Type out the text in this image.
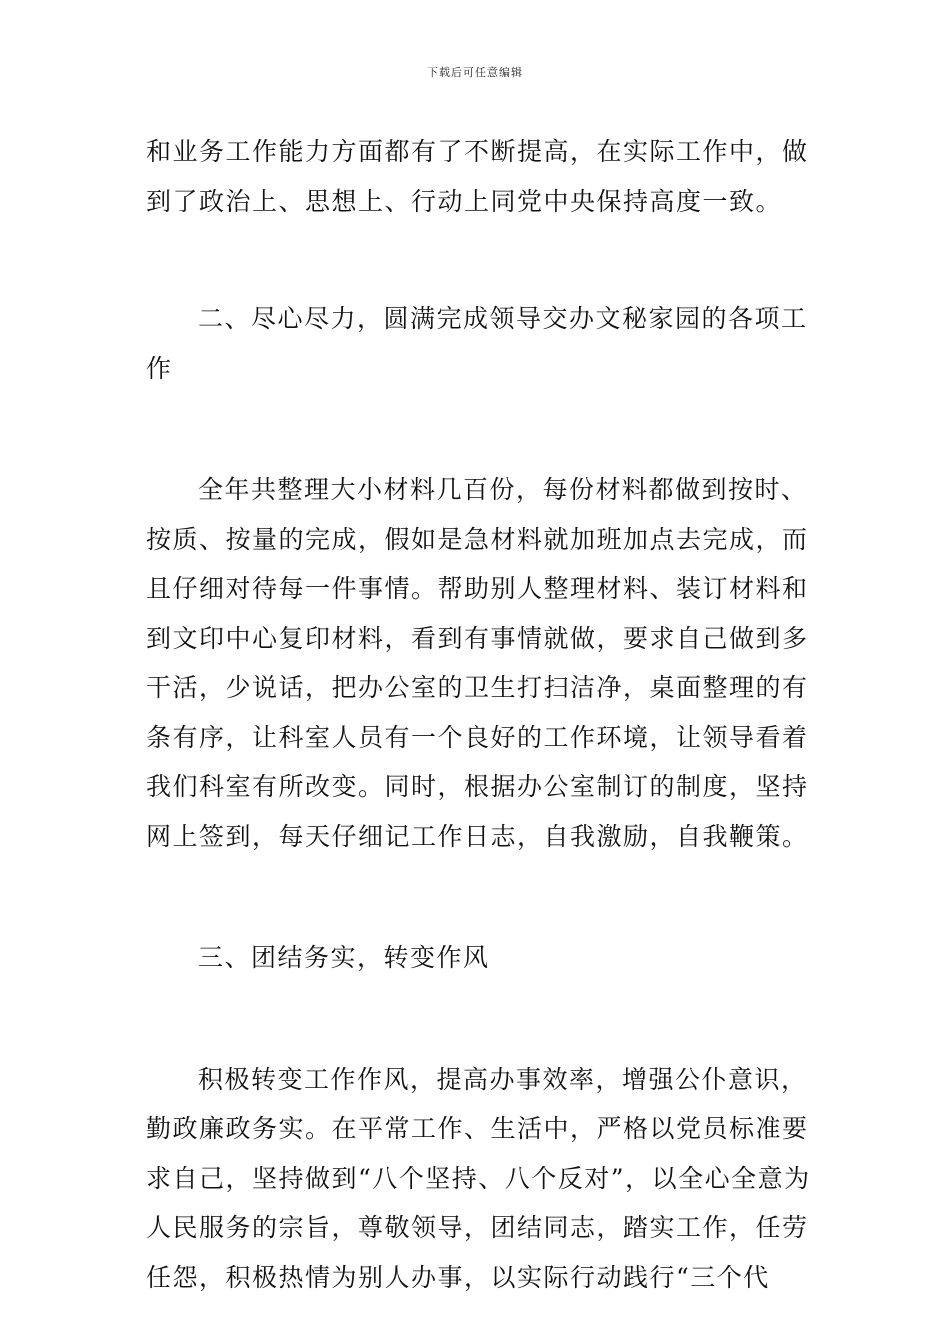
下载后可任意编辑

和业务工作能力方面都有了不断提高，在实际工作中，做到了政治上、思想上、行动上同党中央保持高度一致。

二、尽心尽力，圆满完成领导交办文秘家园的各项工作

全年共整理大小材料几百份，每份材料都做到按时、按质、按量的完成，假如是急材料就加班加点去完成，而且仔细对待每一件事情。帮助别人整理材料、装订材料和到文印中心复印材料，看到有事情就做，要求自己做到多干活，少说话，把办公室的卫生打扫洁净，桌面整理的有条有序，让科室人员有一个良好的工作环境，让领导看着我们科室有所改变。同时，根据办公室制订的制度，坚持网上签到，每天仔细记工作日志，自我激励，自我鞭策。

三、团结务实，转变作风

积极转变工作作风，提高办事效率，增强公仆意识，勤政廉政务实。在平常工作、生活中，严格以党员标准要求自己，坚持做到“八个坚持、八个反对”，以全心全意为人民服务的宗旨，尊敬领导，团结同志，踏实工作，任劳任怨，积极热情为别人办事，以实际行动践行“三个代
